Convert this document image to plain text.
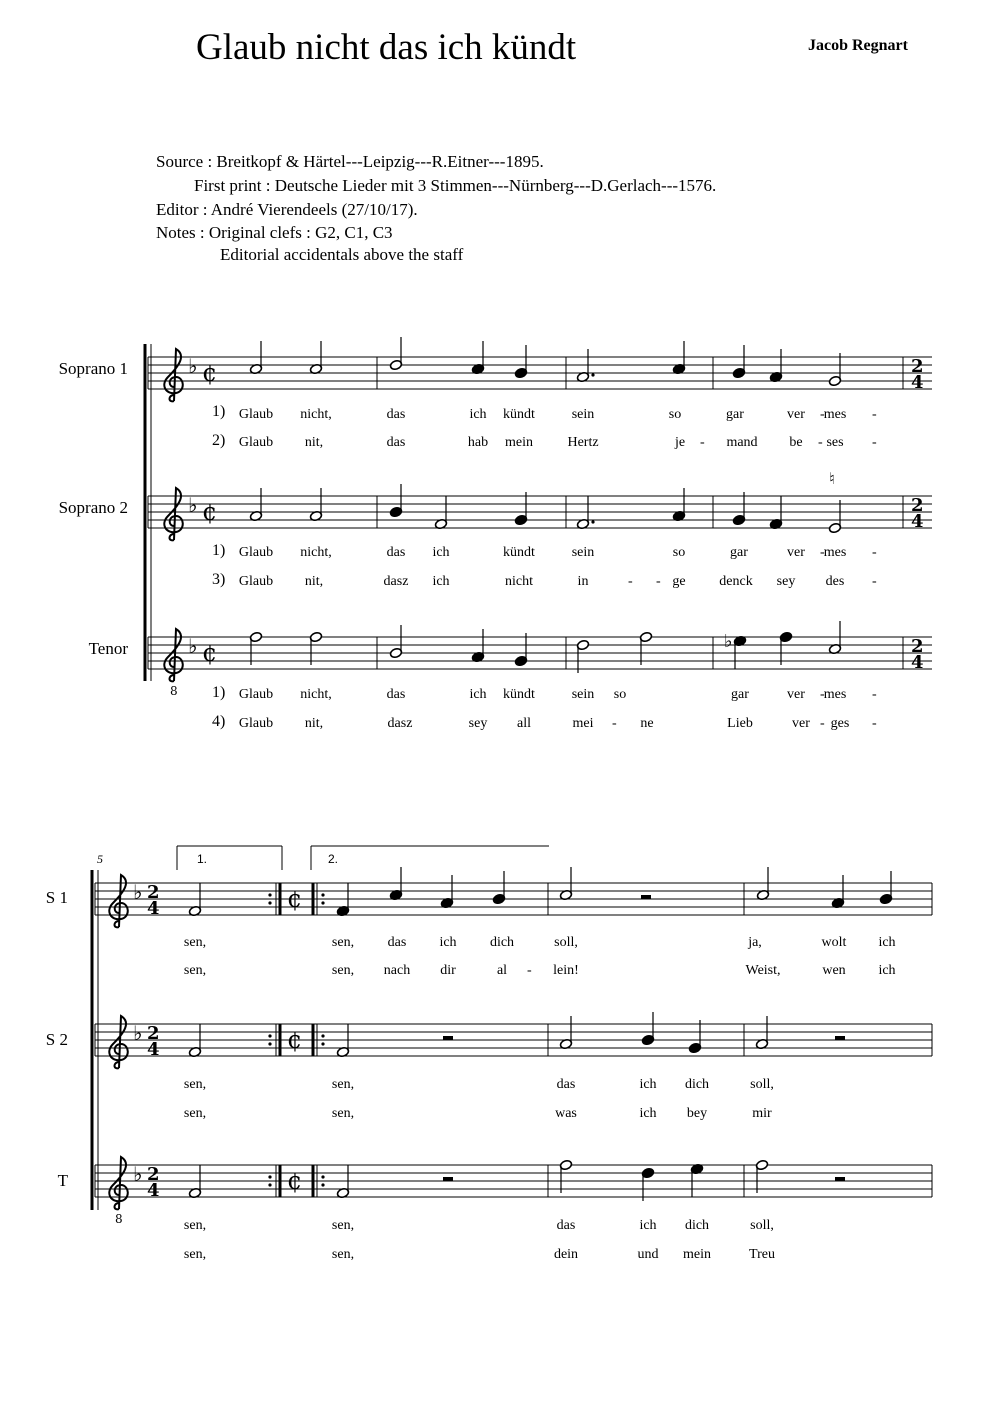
Glaub nicht das ich kündt	Jacob Regnart
Source : Breitkopf & Härtel---Leipzig---R.Eitner---1895.
First print : Deutsche Lieder mit 3 Stimmen---Nürnberg---D.Gerlach---1576.
Editor : André Vierendeels (27/10/17).
Notes : Original clefs : G2, C1, C3
Editorial accidentals above the staff
Soprano 1
Soprano 2
Tenor
S 1
S 2
T
5	1.	2.
♭ ¢	2
4
♭ ¢	2
4
8
♭ ¢	2
4
♮
♭
♭ 2
4	¢
♭ 2
4	¢
8
♭ 2
4	¢
1)
2)
1)
3)
1)
4)
Glaub nicht,	das	ich kündt	sein	so	gar	ver mes
-	-
Glaub nit,	das	hab mein Hertz	je	mand be ses
-	-	-
Glaub nicht,	das ich	kündt	sein	so	gar	ver mes
-	-
Glaub nit,	dasz ich	nicht	in	ge denck sey des
- -	-
Glaub nicht,	das	ich kündt	sein so	gar	ver mes
-	-
Glaub nit,	dasz	sey all	mei	ne	Lieb	ver ges
-	-	-
sen,	sen, das ich dich	soll,	ja,	wolt ich
sen,	sen, nach dir	al	lein!	Weist,	wen ich
-
sen,	sen,	das	ich dich	soll,
sen,	sen,	was	ich bey	mir
sen,	sen,	das	ich dich	soll,
sen,	sen,	dein	und mein	Treu
